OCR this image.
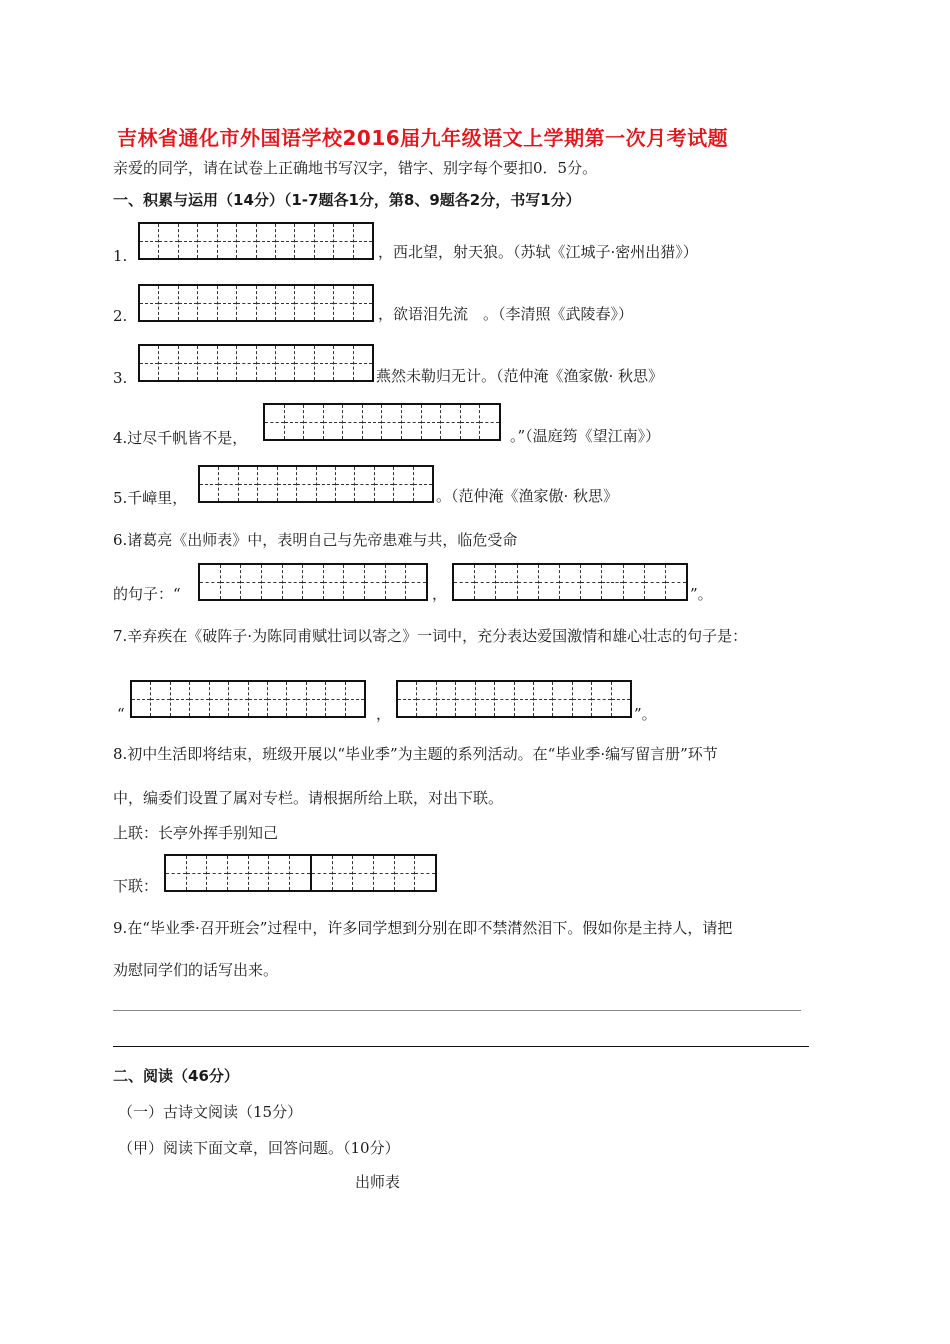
吉林省通化市外国语学校2016届九年级语文上学期第一次月考试题
亲爱的同学，请在试卷上正确地书写汉字，错字、别字每个要扣0．5分。
一、积累与运用（14分）（1-7题各1分，第8、9题各2分，书写1分）
1.	，西北望，射天狼。（苏轼《江城子·密州出猎》）
2.	，欲语泪先流　。（李清照《武陵春》）
3.	燕然未勒归无计。（范仲淹《渔家傲· 秋思》
4.过尽千帆皆不是，	。”（温庭筠《望江南》）
5.千嶂里，	。（范仲淹《渔家傲· 秋思》
6.诸葛亮《出师表》中，表明自己与先帝患难与共，临危受命
的句子：“	，	”。
7.辛弃疾在《破阵子·为陈同甫赋壮词以寄之》一词中，充分表达爱国激情和雄心壮志的句子是：
“	，	”。
8.初中生活即将结束，班级开展以“毕业季”为主题的系列活动。在“毕业季·编写留言册”环节
中，编委们设置了属对专栏。请根据所给上联，对出下联。
上联：长亭外挥手别知己
下联：
9.在“毕业季·召开班会”过程中，许多同学想到分别在即不禁潸然泪下。假如你是主持人，请把
劝慰同学们的话写出来。
二、阅读（46分）
（一）古诗文阅读（15分）
（甲）阅读下面文章，回答问题。（10分）
出师表
